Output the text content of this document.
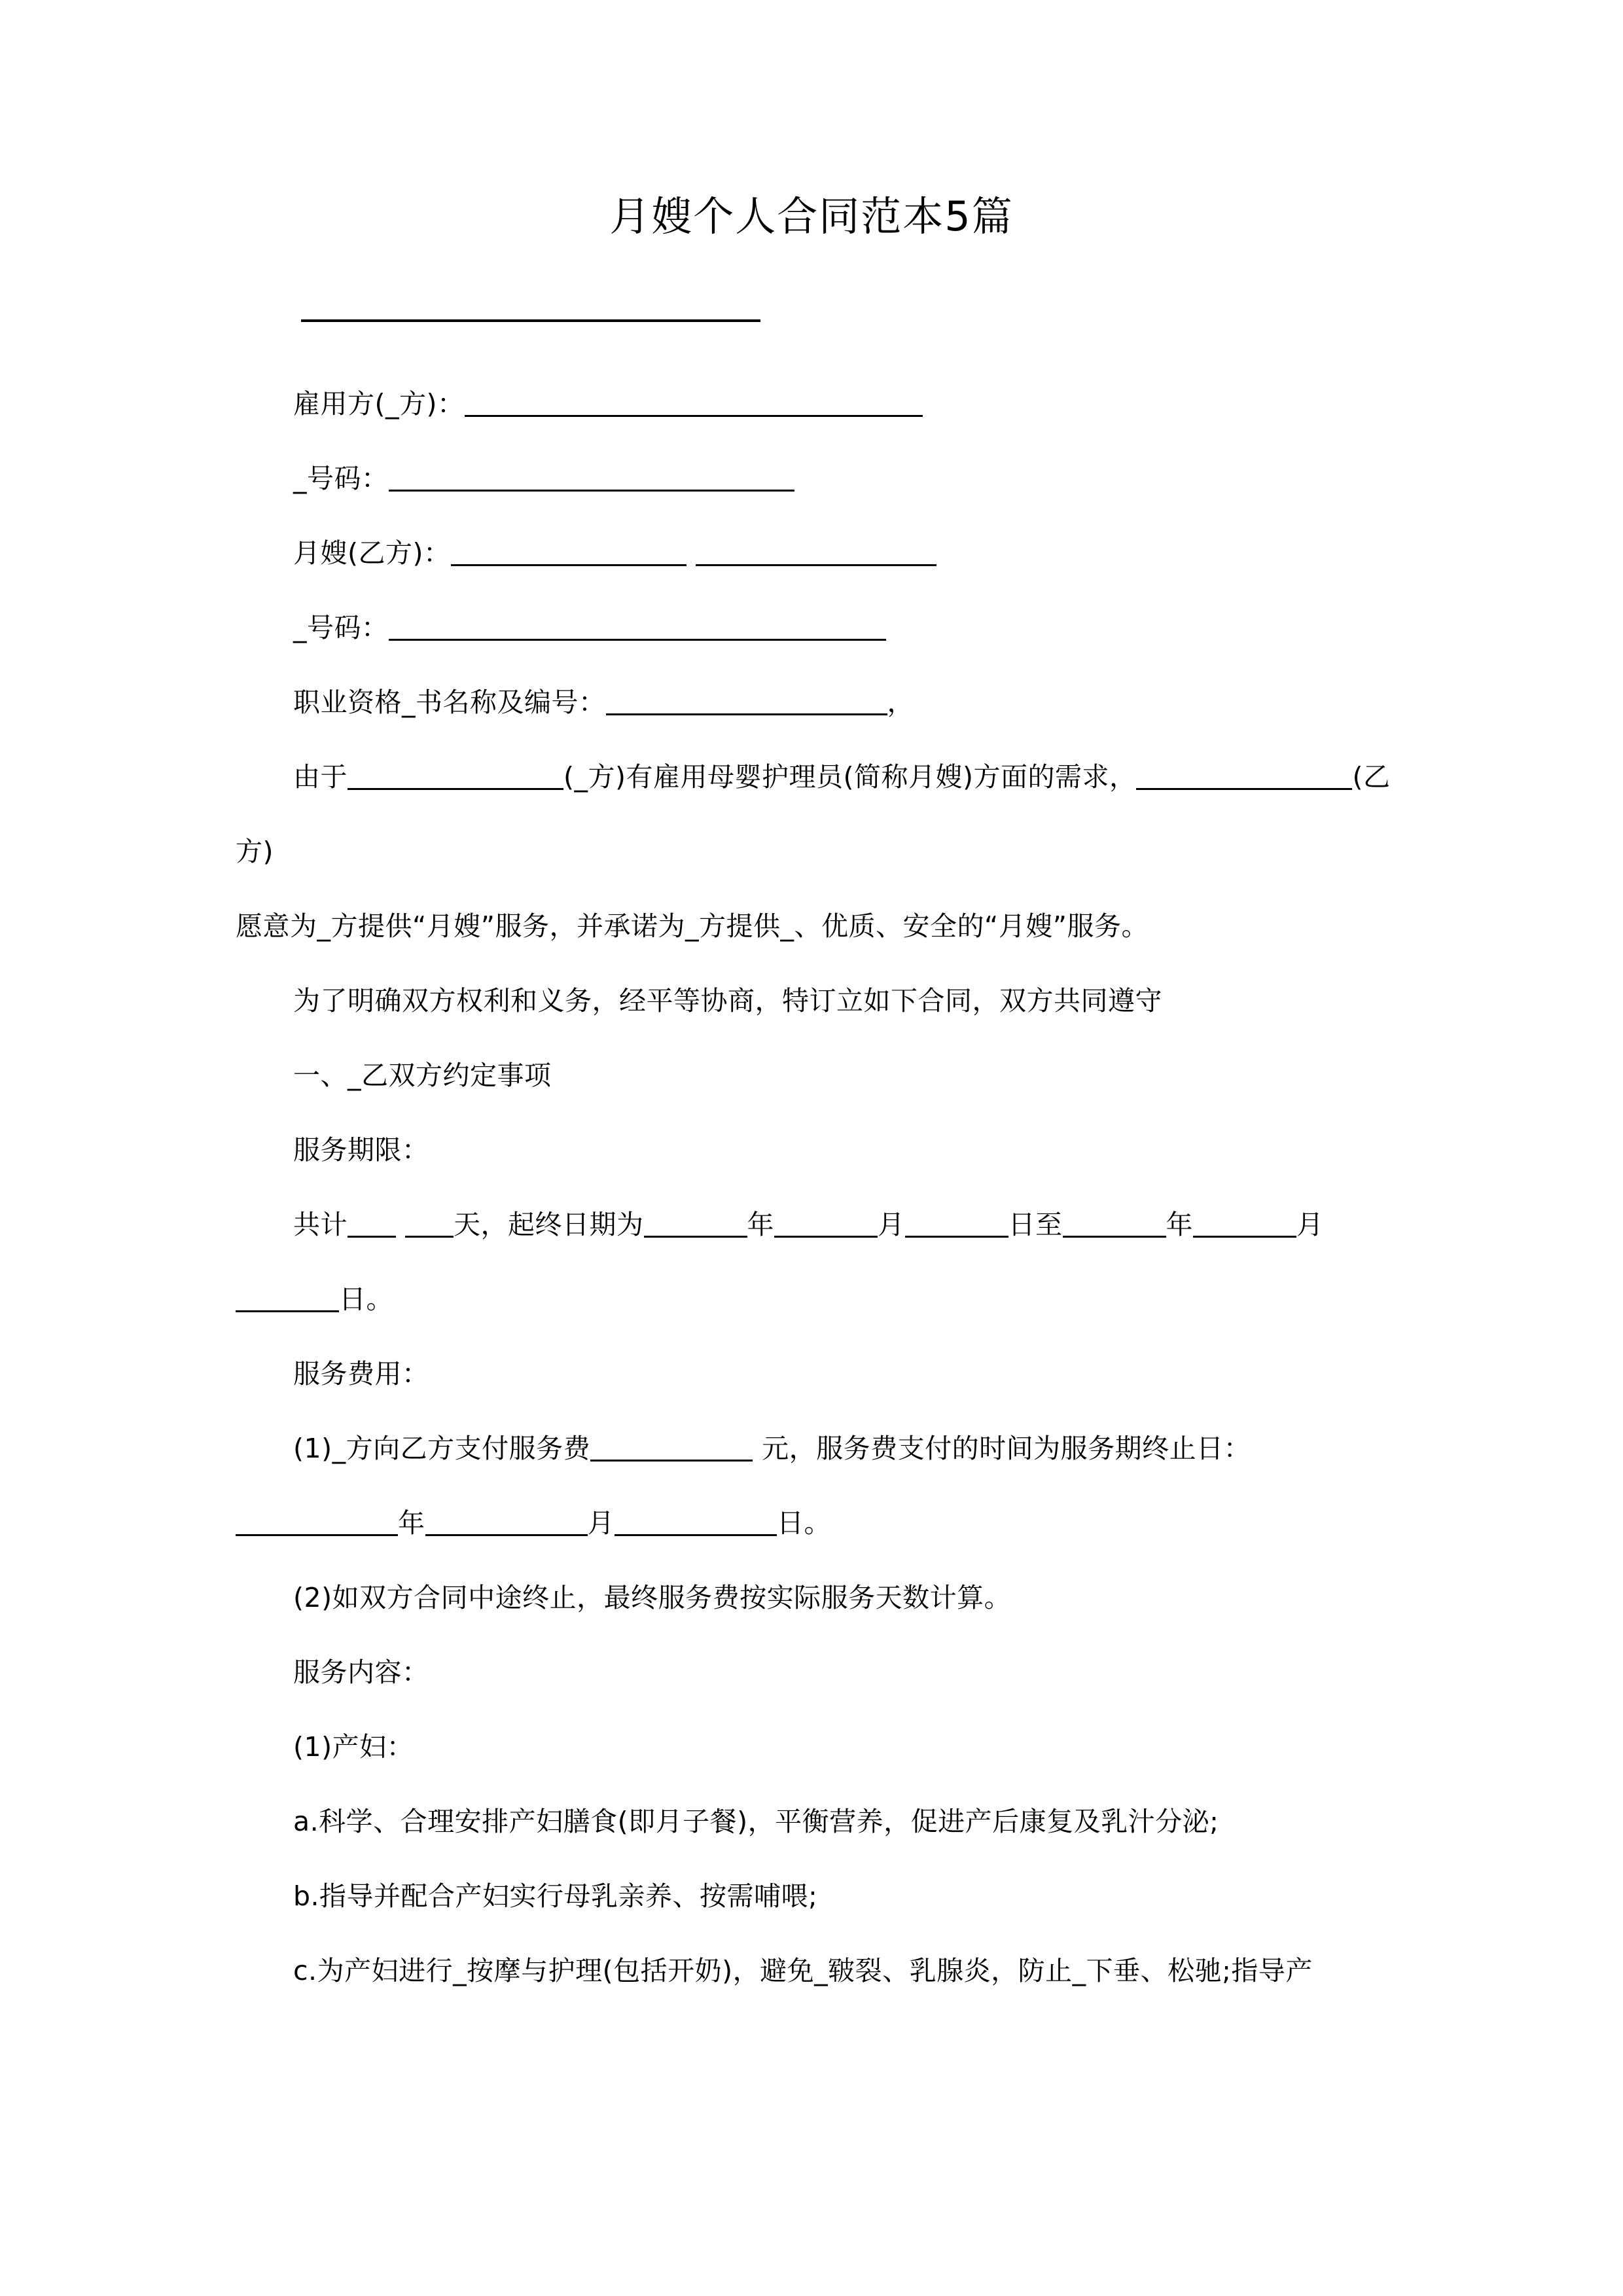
月嫂个人合同范本5篇

雇用方(_方)：

_号码：

月嫂(乙方)：

_号码：

职业资格_书名称及编号：	，

由于	(_方)有雇用母婴护理员(简称月嫂)方面的需求，	(乙方)

愿意为_方提供“月嫂”服务，并承诺为_方提供_、优质、安全的“月嫂”服务。

为了明确双方权利和义务，经平等协商，特订立如下合同，双方共同遵守

一、_乙双方约定事项

服务期限：

共计	天，起终日期为	年	月	日至	年	月日。

服务费用：

(1)_方向乙方支付服务费	元，服务费支付的时间为服务期终止日：年	月	日。

(2)如双方合同中途终止，最终服务费按实际服务天数计算。

服务内容：

(1)产妇：

a.科学、合理安排产妇膳食(即月子餐)，平衡营养，促进产后康复及乳汁分泌;

b.指导并配合产妇实行母乳亲养、按需哺喂;

c.为产妇进行_按摩与护理(包括开奶)，避免_皲裂、乳腺炎，防止_下垂、松驰;指导产
